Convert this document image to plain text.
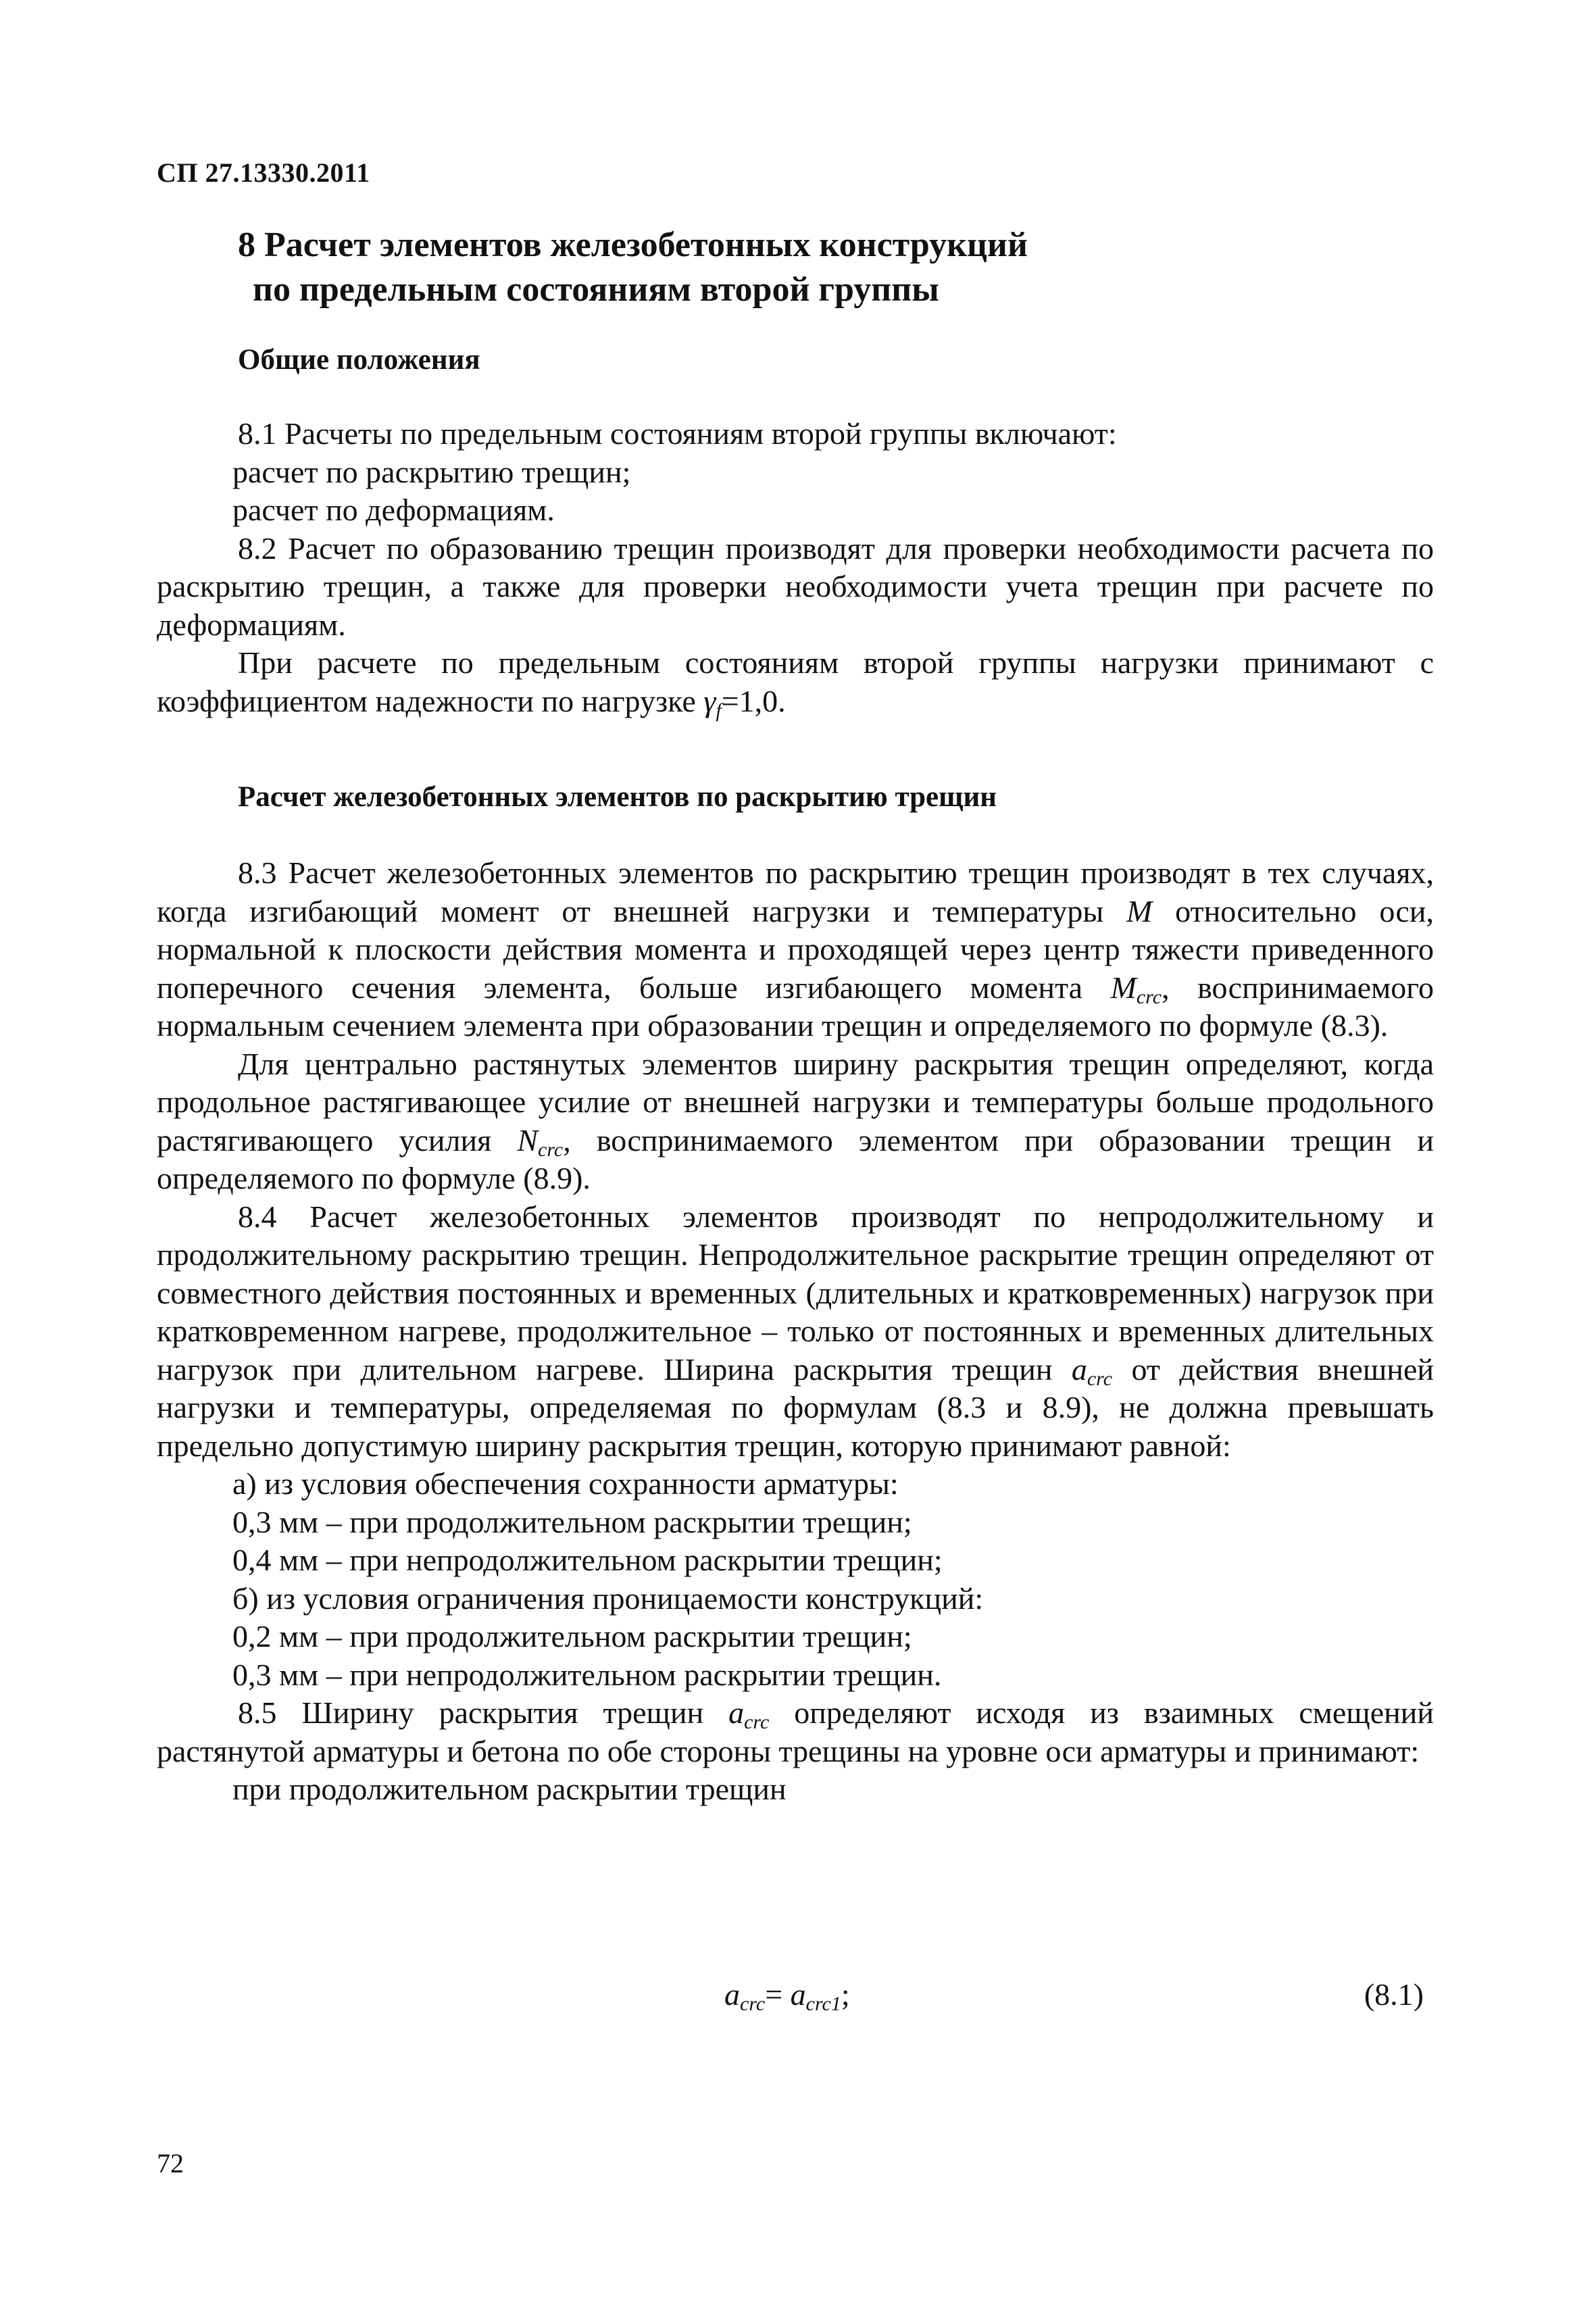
СП 27.13330.2011
8 Расчет элементов железобетонных конструкций
по предельным состояниям второй группы
Общие положения
8.1 Расчеты по предельным состояниям второй группы включают:
расчет по раскрытию трещин;
расчет по деформациям.
8.2 Расчет по образованию трещин производят для проверки необходимости расчета по раскрытию трещин, а также для проверки необходимости учета трещин при расчете по деформациям.
При расчете по предельным состояниям второй группы нагрузки принимают с коэффициентом надежности по нагрузке $\gamma_f=1,0$.
Расчет железобетонных элементов по раскрытию трещин
8.3 Расчет железобетонных элементов по раскрытию трещин производят в тех случаях, когда изгибающий момент от внешней нагрузки и температуры M относительно оси, нормальной к плоскости действия момента и проходящей через центр тяжести приведенного поперечного сечения элемента, больше изгибающего момента $M_{crc}$, воспринимаемого нормальным сечением элемента при образовании трещин и определяемого по формуле (8.3).
Для центрально растянутых элементов ширину раскрытия трещин определяют, когда продольное растягивающее усилие от внешней нагрузки и температуры больше продольного растягивающего усилия $N_{crc}$, воспринимаемого элементом при образовании трещин и определяемого по формуле (8.9).
8.4 Расчет железобетонных элементов производят по непродолжительному и продолжительному раскрытию трещин. Непродолжительное раскрытие трещин определяют от совместного действия постоянных и временных (длительных и кратковременных) нагрузок при кратковременном нагреве, продолжительное – только от постоянных и временных длительных нагрузок при длительном нагреве. Ширина раскрытия трещин $a_{crc}$ от действия внешней нагрузки и температуры, определяемая по формулам (8.3 и 8.9), не должна превышать предельно допустимую ширину раскрытия трещин, которую принимают равной:
а) из условия обеспечения сохранности арматуры:
0,3 мм – при продолжительном раскрытии трещин;
0,4 мм – при непродолжительном раскрытии трещин;
б) из условия ограничения проницаемости конструкций:
0,2 мм – при продолжительном раскрытии трещин;
0,3 мм – при непродолжительном раскрытии трещин.
8.5 Ширину раскрытия трещин $a_{crc}$ определяют исходя из взаимных смещений растянутой арматуры и бетона по обе стороны трещины на уровне оси арматуры и принимают:
при продолжительном раскрытии трещин
$a_{crc}= a_{crc1}$;	(8.1)
72
